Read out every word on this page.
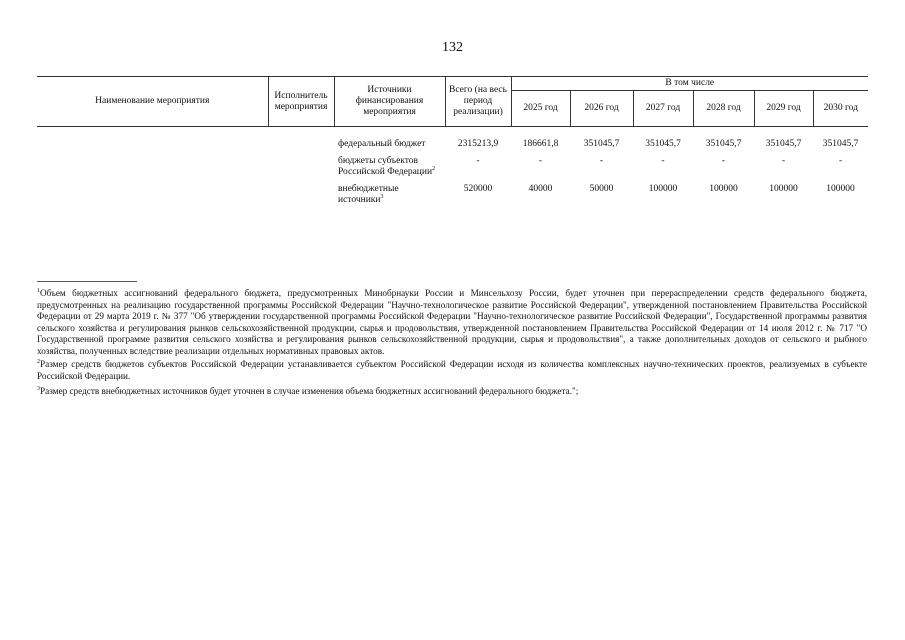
132
Наименование мероприятия	Исполнитель мероприятия	Источники финансирования мероприятия	Всего (на весь период реализации)	В том числе					
				2025 год	2026 год	2027 год	2028 год	2029 год	2030 год
		федеральный бюджет	2315213,9	186661,8	351045,7	351045,7	351045,7	351045,7	351045,7
		бюджеты субъектов Российской Федерации$^2$	-	-	-	-	-	-	-
		внебюджетные источники$^3$	520000	40000	50000	100000	100000	100000	100000

$^1$Объем бюджетных ассигнований федерального бюджета, предусмотренных Минобрнауки России и Минсельхозу России, будет уточнен при перераспределении средств федерального бюджета, предусмотренных на реализацию государственной программы Российской Федерации "Научно-технологическое развитие Российской Федерации", утвержденной постановлением Правительства Российской Федерации от 29 марта 2019 г. № 377 "Об утверждении государственной программы Российской Федерации "Научно-технологическое развитие Российской Федерации", Государственной программы развития сельского хозяйства и регулирования рынков сельскохозяйственной продукции, сырья и продовольствия, утвержденной постановлением Правительства Российской Федерации от 14 июля 2012 г. № 717 "О Государственной программе развития сельского хозяйства и регулирования рынков сельскохозяйственной продукции, сырья и продовольствия", а также дополнительных доходов от сельского и рыбного хозяйства, полученных вследствие реализации отдельных нормативных правовых актов.

$^2$Размер средств бюджетов субъектов Российской Федерации устанавливается субъектом Российской Федерации исходя из количества комплексных научно-технических проектов, реализуемых в субъекте Российской Федерации.

$^3$Размер средств внебюджетных источников будет уточнен в случае изменения объема бюджетных ассигнований федерального бюджета.";
